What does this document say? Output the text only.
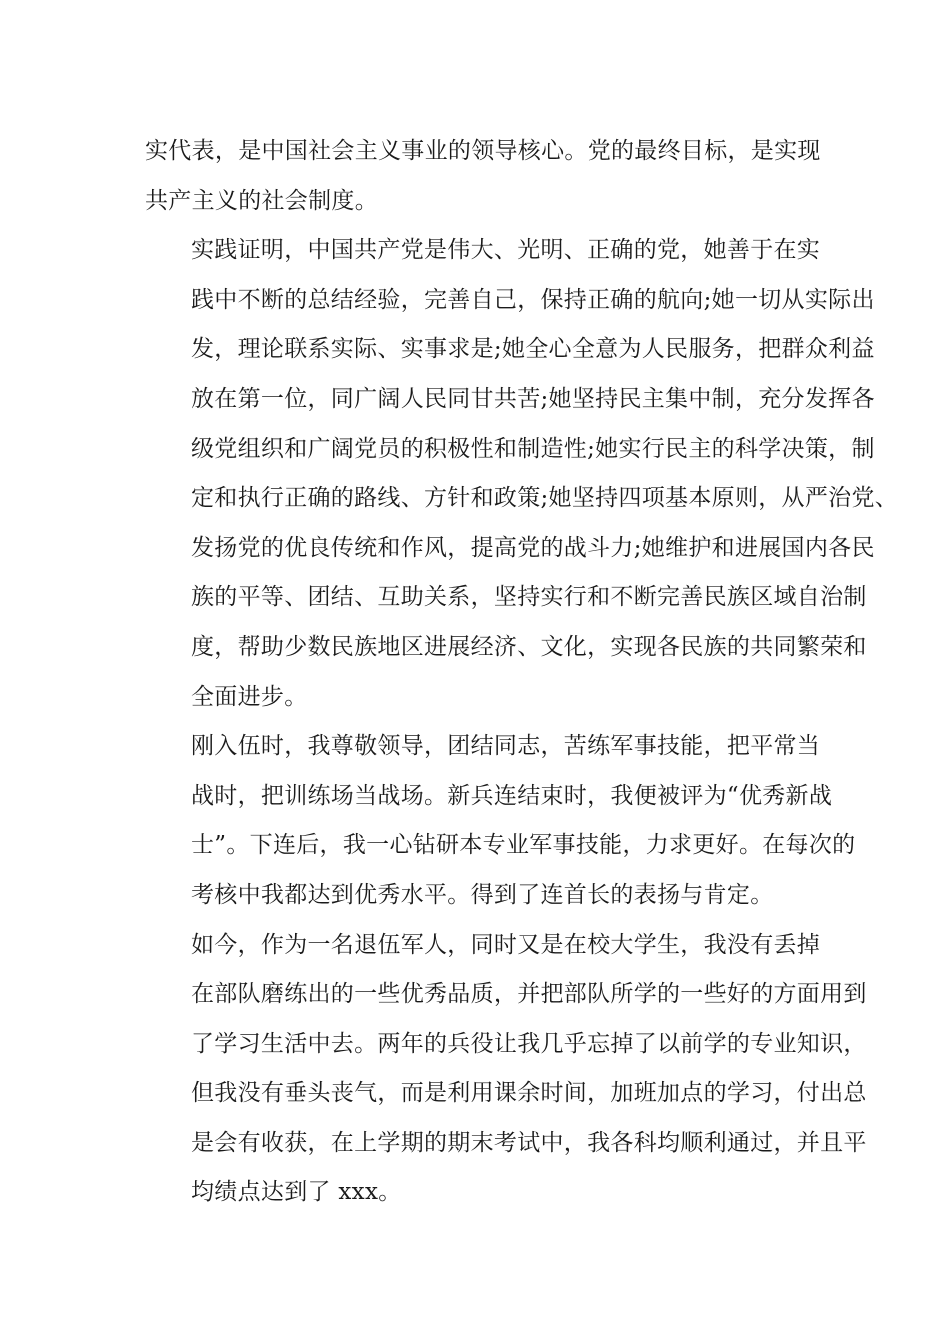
实代表，是中国社会主义事业的领导核心。党的最终目标，是实现
共产主义的社会制度。

实践证明，中国共产党是伟大、光明、正确的党，她善于在实
践中不断的总结经验，完善自己，保持正确的航向;她一切从实际出
发，理论联系实际、实事求是;她全心全意为人民服务，把群众利益
放在第一位，同广阔人民同甘共苦;她坚持民主集中制，充分发挥各
级党组织和广阔党员的积极性和制造性;她实行民主的科学决策，制
定和执行正确的路线、方针和政策;她坚持四项基本原则，从严治党、
发扬党的优良传统和作风，提高党的战斗力;她维护和进展国内各民
族的平等、团结、互助关系，坚持实行和不断完善民族区域自治制
度，帮助少数民族地区进展经济、文化，实现各民族的共同繁荣和
全面进步。

刚入伍时，我尊敬领导，团结同志，苦练军事技能，把平常当
战时，把训练场当战场。新兵连结束时，我便被评为“优秀新战
士”。下连后，我一心钻研本专业军事技能，力求更好。在每次的
考核中我都达到优秀水平。得到了连首长的表扬与肯定。

如今，作为一名退伍军人，同时又是在校大学生，我没有丢掉
在部队磨练出的一些优秀品质，并把部队所学的一些好的方面用到
了学习生活中去。两年的兵役让我几乎忘掉了以前学的专业知识，
但我没有垂头丧气，而是利用课余时间，加班加点的学习，付出总
是会有收获，在上学期的期末考试中，我各科均顺利通过，并且平
均绩点达到了 xxx。
